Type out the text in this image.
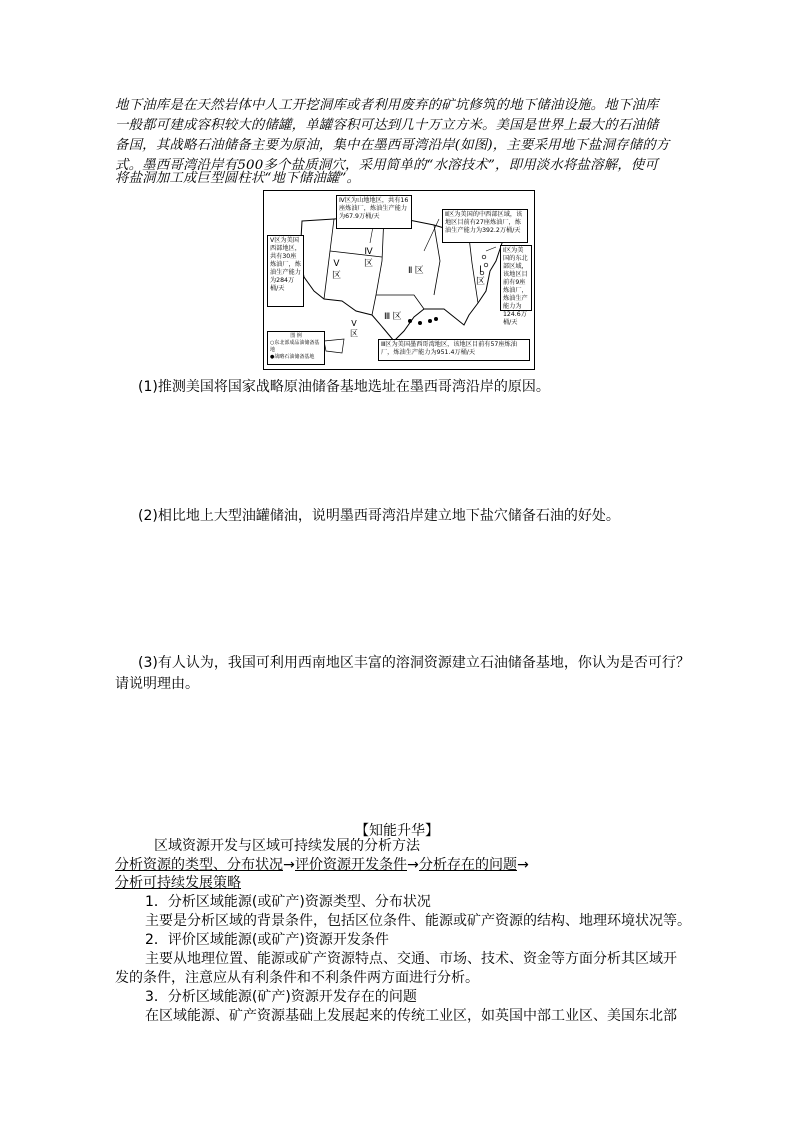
地下油库是在天然岩体中人工开挖洞库或者利用废弃的矿坑修筑的地下储油设施。地下油库
一般都可建成容积较大的储罐，单罐容积可达到几十万立方米。美国是世界上最大的石油储
备国，其战略石油储备主要为原油，集中在墨西哥湾沿岸(如图)，主要采用地下盐洞存储的方
式。墨西哥湾沿岸有500多个盐质洞穴，采用简单的“水溶技术”，即用淡水将盐溶解，使可
将盐洞加工成巨型圆柱状“地下储油罐”。
Ⅳ区为山地地区，共有16座炼油厂，炼油生产能力为67.9万桶/天	Ⅱ区为美国的中西部区域，该地区目前有27座炼油厂，炼油生产能力为392.2万桶/天
Ⅴ区为美国西部地区，共有30座炼油厂，炼油生产能力为284万桶/天
Ⅰ区为美国的东北部区域，该地区目前有9座炼油厂，炼油生产能力为124.6万桶/天
Ⅲ区为美国墨西哥湾地区，该地区目前有57座炼油厂，炼油生产能力为951.4万桶/天
Ⅳ
区
Ⅱ 区
Ⅴ
区
Ⅰ
区
Ⅲ 区
Ⅴ
区
图 例
○东北部成品油储备基地
●战略石油储备基地
(1)推测美国将国家战略原油储备基地选址在墨西哥湾沿岸的原因。
(2)相比地上大型油罐储油，说明墨西哥湾沿岸建立地下盐穴储备石油的好处。
(3)有人认为，我国可利用西南地区丰富的溶洞资源建立石油储备基地，你认为是否可行？
请说明理由。
【知能升华】
区域资源开发与区域可持续发展的分析方法
分析资源的类型、分布状况→评价资源开发条件→分析存在的问题→
分析可持续发展策略
1．分析区域能源(或矿产)资源类型、分布状况
主要是分析区域的背景条件，包括区位条件、能源或矿产资源的结构、地理环境状况等。
2．评价区域能源(或矿产)资源开发条件
主要从地理位置、能源或矿产资源特点、交通、市场、技术、资金等方面分析其区域开
发的条件，注意应从有利条件和不利条件两方面进行分析。
3．分析区域能源(矿产)资源开发存在的问题
在区域能源、矿产资源基础上发展起来的传统工业区，如英国中部工业区、美国东北部
